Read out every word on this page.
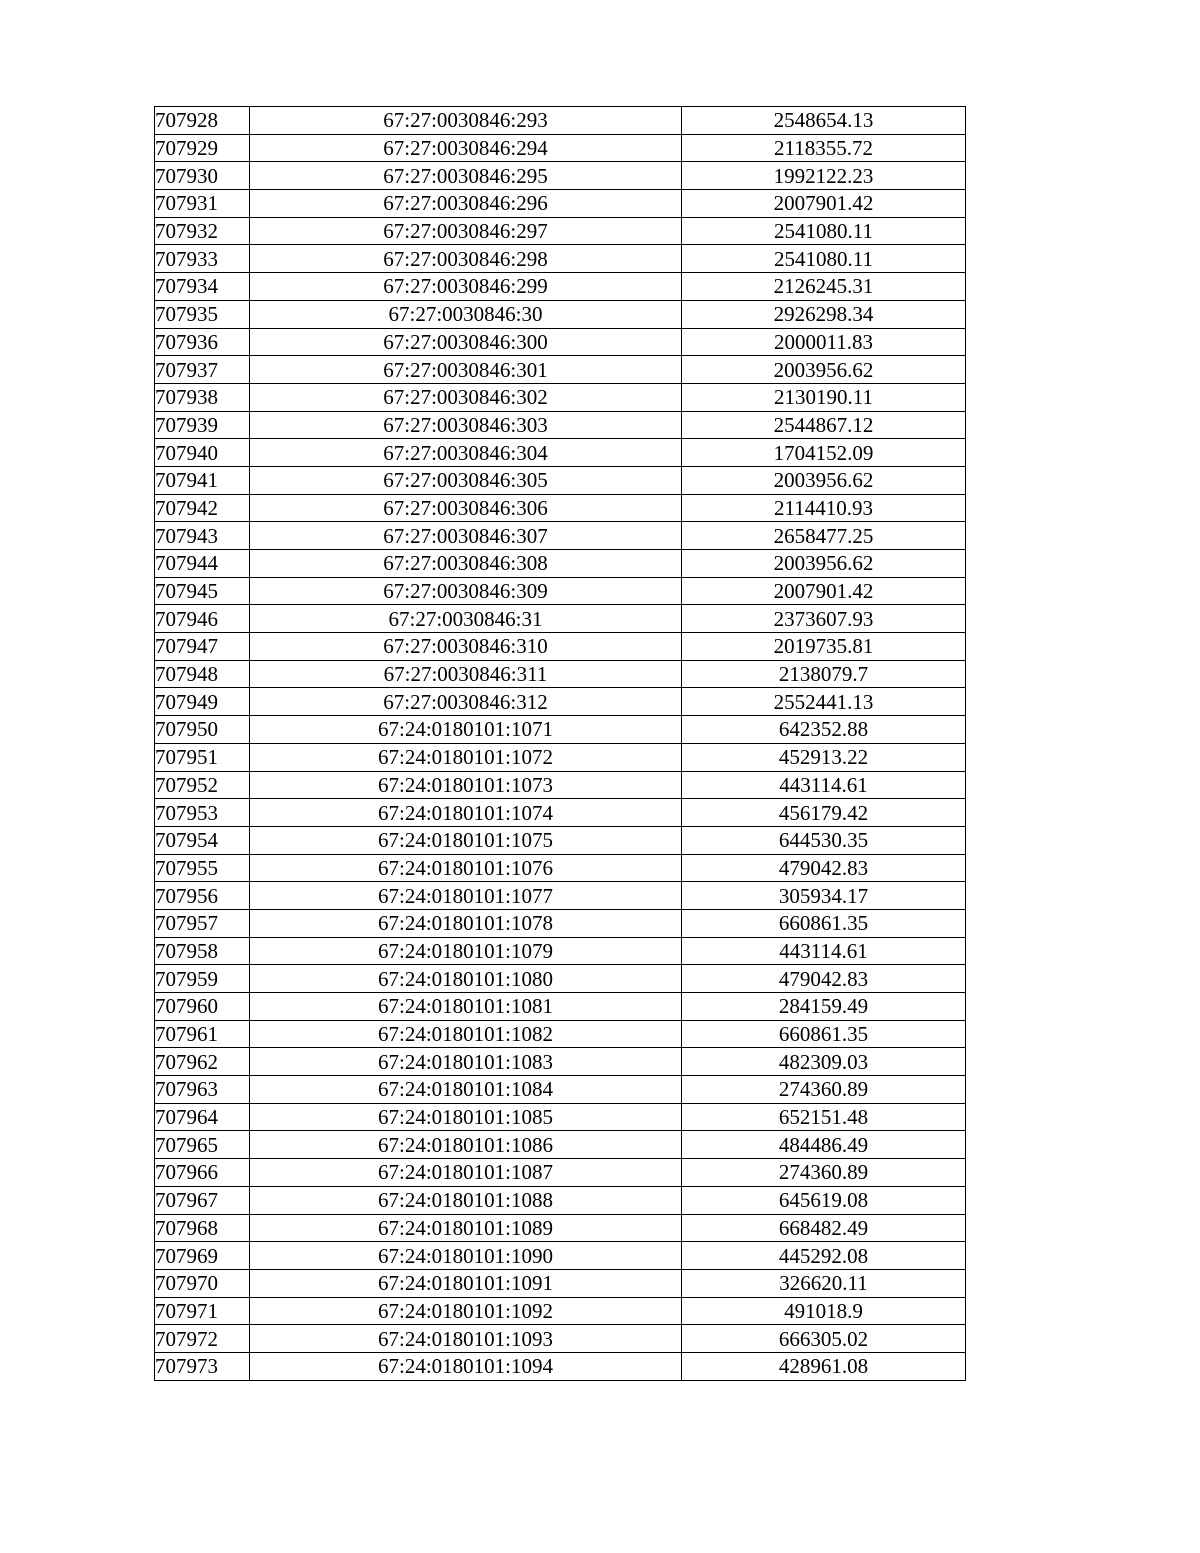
707928	67:27:0030846:293	2548654.13
707929	67:27:0030846:294	2118355.72
707930	67:27:0030846:295	1992122.23
707931	67:27:0030846:296	2007901.42
707932	67:27:0030846:297	2541080.11
707933	67:27:0030846:298	2541080.11
707934	67:27:0030846:299	2126245.31
707935	67:27:0030846:30	2926298.34
707936	67:27:0030846:300	2000011.83
707937	67:27:0030846:301	2003956.62
707938	67:27:0030846:302	2130190.11
707939	67:27:0030846:303	2544867.12
707940	67:27:0030846:304	1704152.09
707941	67:27:0030846:305	2003956.62
707942	67:27:0030846:306	2114410.93
707943	67:27:0030846:307	2658477.25
707944	67:27:0030846:308	2003956.62
707945	67:27:0030846:309	2007901.42
707946	67:27:0030846:31	2373607.93
707947	67:27:0030846:310	2019735.81
707948	67:27:0030846:311	2138079.7
707949	67:27:0030846:312	2552441.13
707950	67:24:0180101:1071	642352.88
707951	67:24:0180101:1072	452913.22
707952	67:24:0180101:1073	443114.61
707953	67:24:0180101:1074	456179.42
707954	67:24:0180101:1075	644530.35
707955	67:24:0180101:1076	479042.83
707956	67:24:0180101:1077	305934.17
707957	67:24:0180101:1078	660861.35
707958	67:24:0180101:1079	443114.61
707959	67:24:0180101:1080	479042.83
707960	67:24:0180101:1081	284159.49
707961	67:24:0180101:1082	660861.35
707962	67:24:0180101:1083	482309.03
707963	67:24:0180101:1084	274360.89
707964	67:24:0180101:1085	652151.48
707965	67:24:0180101:1086	484486.49
707966	67:24:0180101:1087	274360.89
707967	67:24:0180101:1088	645619.08
707968	67:24:0180101:1089	668482.49
707969	67:24:0180101:1090	445292.08
707970	67:24:0180101:1091	326620.11
707971	67:24:0180101:1092	491018.9
707972	67:24:0180101:1093	666305.02
707973	67:24:0180101:1094	428961.08
